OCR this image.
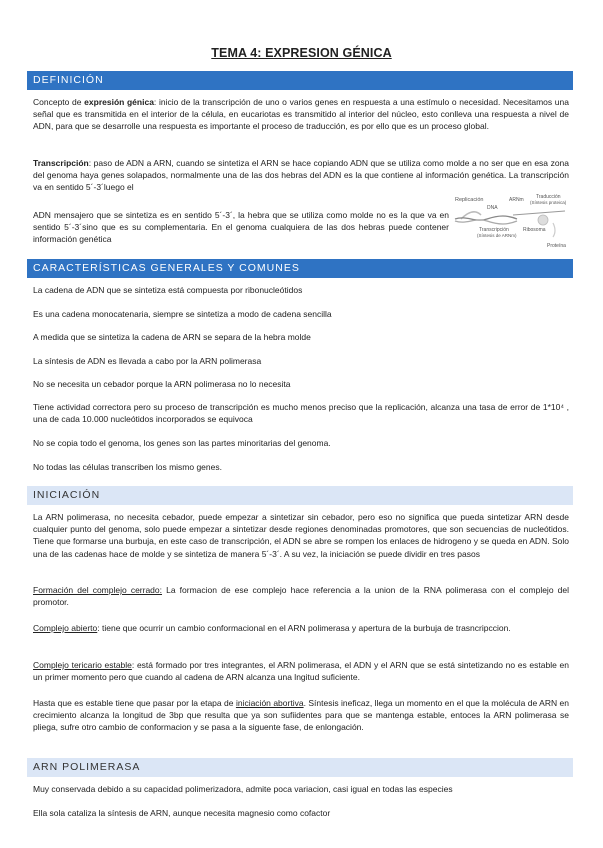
TEMA 4: EXPRESION GÉNICA
DEFINICIÓN
Concepto de expresión génica: inicio de la transcripción de uno o varios genes en respuesta a una estímulo o necesidad. Necesitamos una señal que es transmitida en el interior de la célula, en eucariotas es transmitido al interior del núcleo, esto conlleva una respuesta a nivel de ADN, para que se desarrolle una respuesta es importante el proceso de traducción, es por ello que es un proceso global.
Transcripción: paso de ADN a ARN, cuando se sintetiza el ARN se hace copiando ADN que se utiliza como molde a no ser que en esa zona del genoma haya genes solapados, normalmente una de las dos hebras del ADN es la que contiene al información genética. La transcripción va en sentido 5´-3´luego el
ADN mensajero que se sintetiza es en sentido 5´-3´, la hebra que se utiliza como molde no es la que va en sentido 5´-3´sino que es su complementaria. En el genoma cualquiera de las dos hebras puede contener información genética
Replicación
DNA
ARNm Traducción
(Síntesis proteica)
Transcripción
(Síntesis de ARNm)
Ribosoma
Proteína
CARACTERÍSTICAS GENERALES Y COMUNES
La cadena de ADN que se sintetiza está compuesta por ribonucleótidos
Es una cadena monocatenaria, siempre se sintetiza a modo de cadena sencilla
A medida que se sintetiza la cadena de ARN se separa de la hebra molde
La síntesis de ADN es llevada a cabo por la ARN polimerasa
No se necesita un cebador porque la ARN polimerasa no lo necesita
Tiene actividad correctora pero su proceso de transcripción es mucho menos preciso que la replicación, alcanza una tasa de error de 1*10⁴ , una de cada 10.000 nucleótidos incorporados se equivoca
No se copia todo el genoma, los genes son las partes minoritarias del genoma.
No todas las células transcriben los mismo genes.
INICIACIÓN
La ARN polimerasa, no necesita cebador, puede empezar a sintetizar sin cebador, pero eso no significa que pueda sintetizar ARN desde cualquier punto del genoma, solo puede empezar a sintetizar desde regiones denominadas promotores, que son secuencias de nucleótidos. Tiene que formarse una burbuja, en este caso de transcripción, el ADN se abre se rompen los enlaces de hidrogeno y se queda en ADN. Solo una de las cadenas hace de molde y se sintetiza de manera 5´-3´. A su vez, la iniciación se puede dividir en tres pasos
Formación del complejo cerrado: La formacion de ese complejo hace referencia a la union de la RNA polimerasa con el complejo del promotor.
Complejo abierto: tiene que ocurrir un cambio conformacional en el ARN polimerasa y apertura de la burbuja de trasncripccion.
Complejo tericario estable: está formado por tres integrantes, el ARN polimerasa, el ADN y el ARN que se está sintetizando no es estable en un primer momento pero que cuando al cadena de ARN alcanza una lngitud suficiente.
Hasta que es estable tiene que pasar por la etapa de iniciación abortiva. Síntesis ineficaz, llega un momento en el que la molécula de ARN en crecimiento alcanza la longitud de 3bp que resulta que ya son sufiidentes para que se mantenga estable, entoces la ARN polimerasa se pliega, sufre otro cambio de conformacion y se pasa a la siguente fase, de enlongación.
ARN POLIMERASA
Muy conservada debido a su capacidad polimerizadora, admite poca variacion, casi igual en todas las especies
Ella sola cataliza la síntesis de ARN, aunque necesita magnesio como cofactor
